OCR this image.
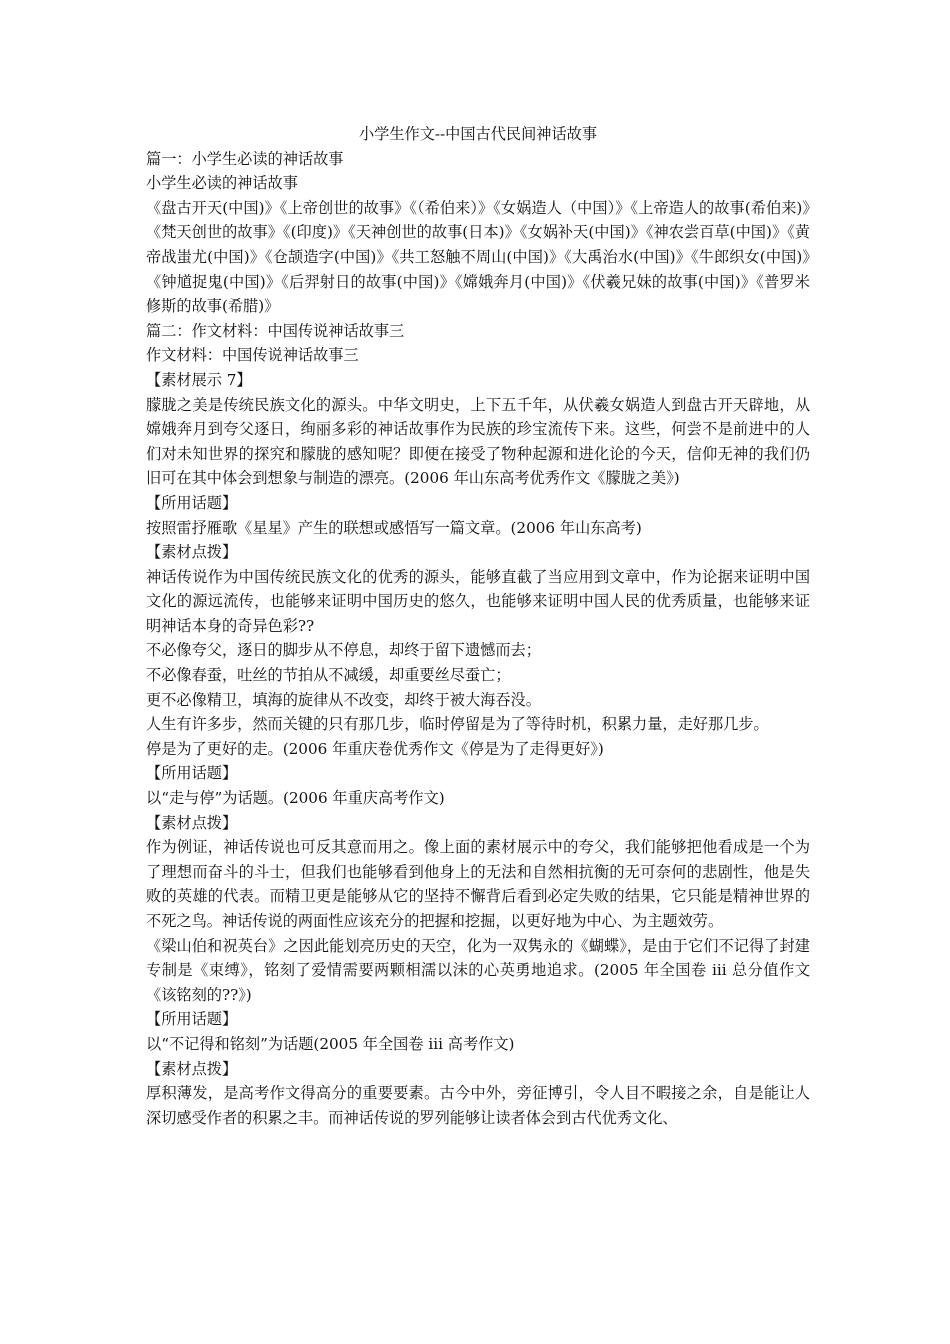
小学生作文--中国古代民间神话故事

篇一：小学生必读的神话故事

小学生必读的神话故事

《盘古开天(中国)》《上帝创世的故事》《（希伯来）》《女娲造人（中国）》《上帝造人的故事(希伯来)》《梵天创世的故事》《(印度)》《天神创世的故事(日本)》《女娲补天(中国)》《神农尝百草(中国)》《黄帝战蚩尤(中国)》《仓颉造字(中国)》《共工怒触不周山(中国)》《大禹治水(中国)》《牛郎织女(中国)》《钟馗捉鬼(中国)》《后羿射日的故事(中国)》《嫦娥奔月(中国)》《伏羲兄妹的故事(中国)》《普罗米修斯的故事(希腊)》

篇二：作文材料：中国传说神话故事三

作文材料：中国传说神话故事三

【素材展示 7】

朦胧之美是传统民族文化的源头。中华文明史，上下五千年，从伏羲女娲造人到盘古开天辟地，从嫦娥奔月到夸父逐日，绚丽多彩的神话故事作为民族的珍宝流传下来。这些，何尝不是前进中的人们对未知世界的探究和朦胧的感知呢？即便在接受了物种起源和进化论的今天，信仰无神的我们仍旧可在其中体会到想象与制造的漂亮。(2006 年山东高考优秀作文《朦胧之美》)

【所用话题】

按照雷抒雁歌《星星》产生的联想或感悟写一篇文章。(2006 年山东高考)

【素材点拨】

神话传说作为中国传统民族文化的优秀的源头，能够直截了当应用到文章中，作为论据来证明中国文化的源远流传，也能够来证明中国历史的悠久，也能够来证明中国人民的优秀质量，也能够来证明神话本身的奇异色彩??

不必像夸父，逐日的脚步从不停息，却终于留下遗憾而去；

不必像春蚕，吐丝的节拍从不减缓，却重要丝尽蚕亡；

更不必像精卫，填海的旋律从不改变，却终于被大海吞没。

人生有许多步，然而关键的只有那几步，临时停留是为了等待时机，积累力量，走好那几步。

停是为了更好的走。(2006 年重庆卷优秀作文《停是为了走得更好》)

【所用话题】

以“走与停”为话题。(2006 年重庆高考作文)

【素材点拨】

作为例证，神话传说也可反其意而用之。像上面的素材展示中的夸父，我们能够把他看成是一个为了理想而奋斗的斗士，但我们也能够看到他身上的无法和自然相抗衡的无可奈何的悲剧性，他是失败的英雄的代表。而精卫更是能够从它的坚持不懈背后看到必定失败的结果，它只能是精神世界的不死之鸟。神话传说的两面性应该充分的把握和挖掘，以更好地为中心、为主题效劳。

《梁山伯和祝英台》之因此能划亮历史的天空，化为一双隽永的《蝴蝶》，是由于它们不记得了封建专制是《束缚》，铭刻了爱情需要两颗相濡以沫的心英勇地追求。(2005 年全国卷 iii 总分值作文《该铭刻的??》)

【所用话题】

以“不记得和铭刻”为话题(2005 年全国卷 iii 高考作文)

【素材点拨】

厚积薄发，是高考作文得高分的重要要素。古今中外，旁征博引，令人目不暇接之余，自是能让人深切感受作者的积累之丰。而神话传说的罗列能够让读者体会到古代优秀文化、
